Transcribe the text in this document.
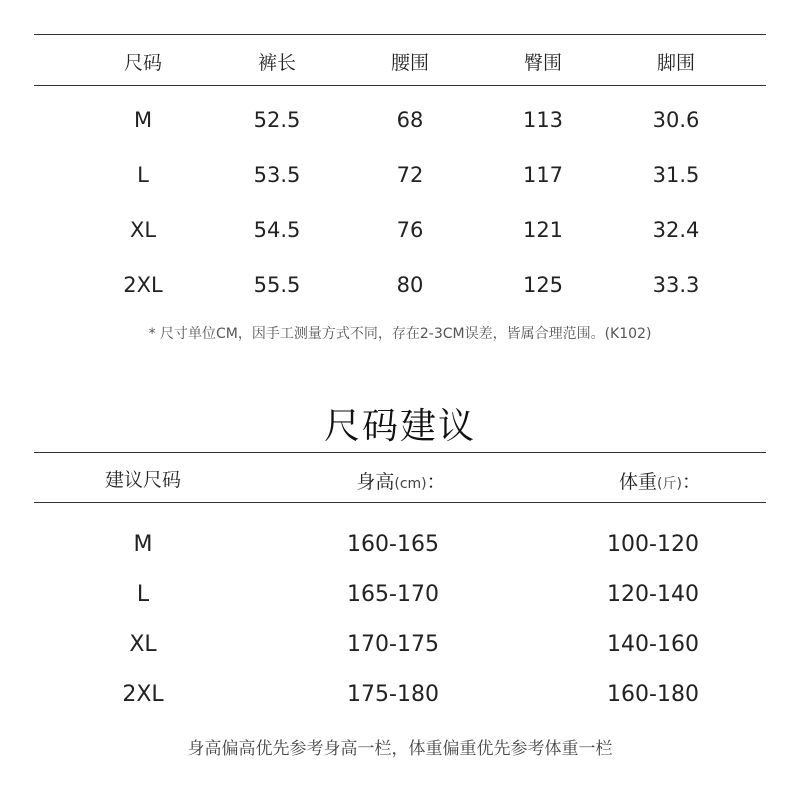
尺码	裤长	腰围	臀围	脚围
M	52.5	68	113	30.6
L	53.5	72	117	31.5
XL	54.5	76	121	32.4
2XL	55.5	80	125	33.3
* 尺寸单位CM，因手工测量方式不同，存在2-3CM误差，皆属合理范围。(K102)
尺码建议
建议尺码	身高(cm)：	体重(斤)：
M	160-165	100-120
L	165-170	120-140
XL	170-175	140-160
2XL	175-180	160-180
身高偏高优先参考身高一栏，体重偏重优先参考体重一栏
